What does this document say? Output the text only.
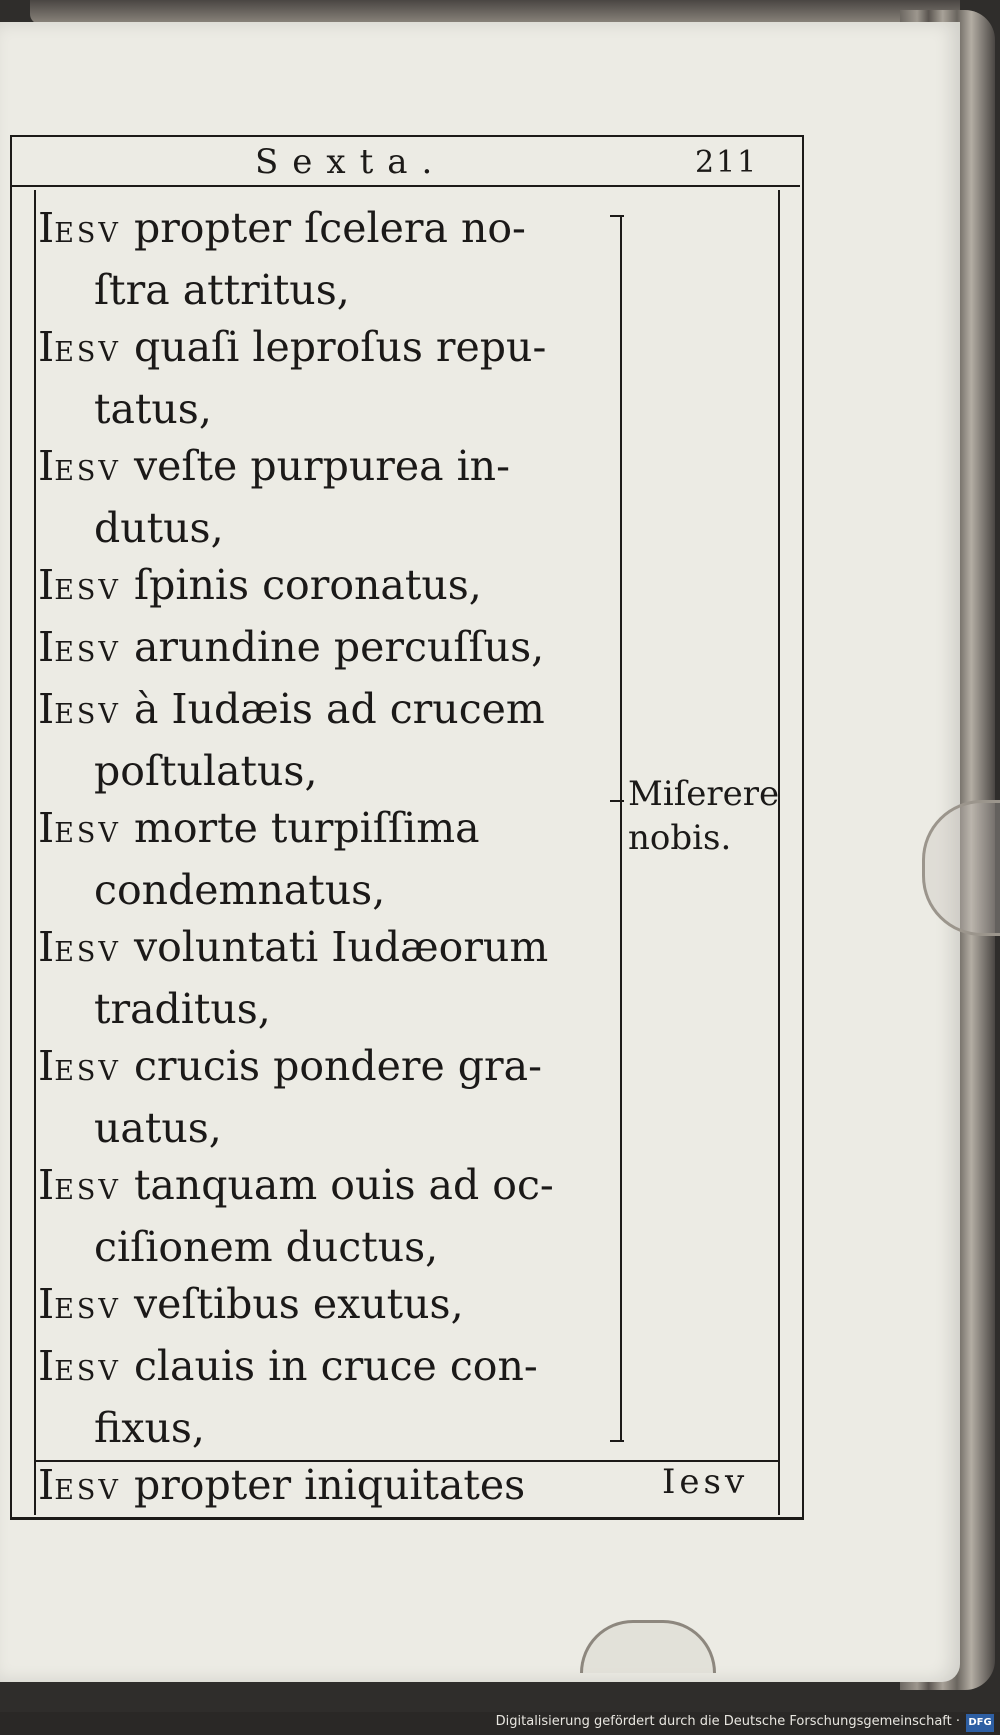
Sexta.	211
IESV propter ſcelera no-
ſtra attritus,
IESV quaſi leproſus repu-
tatus,
IESV veſte purpurea in-
dutus,
IESV ſpinis coronatus,
IESV arundine percuſſus,
IESV à Iudæis ad crucem
poſtulatus,
IESV morte turpiſſima
condemnatus,
IESV voluntati Iudæorum
traditus,
IESV crucis pondere gra-
uatus,
IESV tanquam ouis ad oc-
ciſionem ductus,
IESV veſtibus exutus,
IESV clauis in cruce con-
fixus,
IESV propter iniquitates
Miſerere
nobis.
Iesv
Digitalisierung gefördert durch die Deutsche Forschungsgemeinschaft · DFG
